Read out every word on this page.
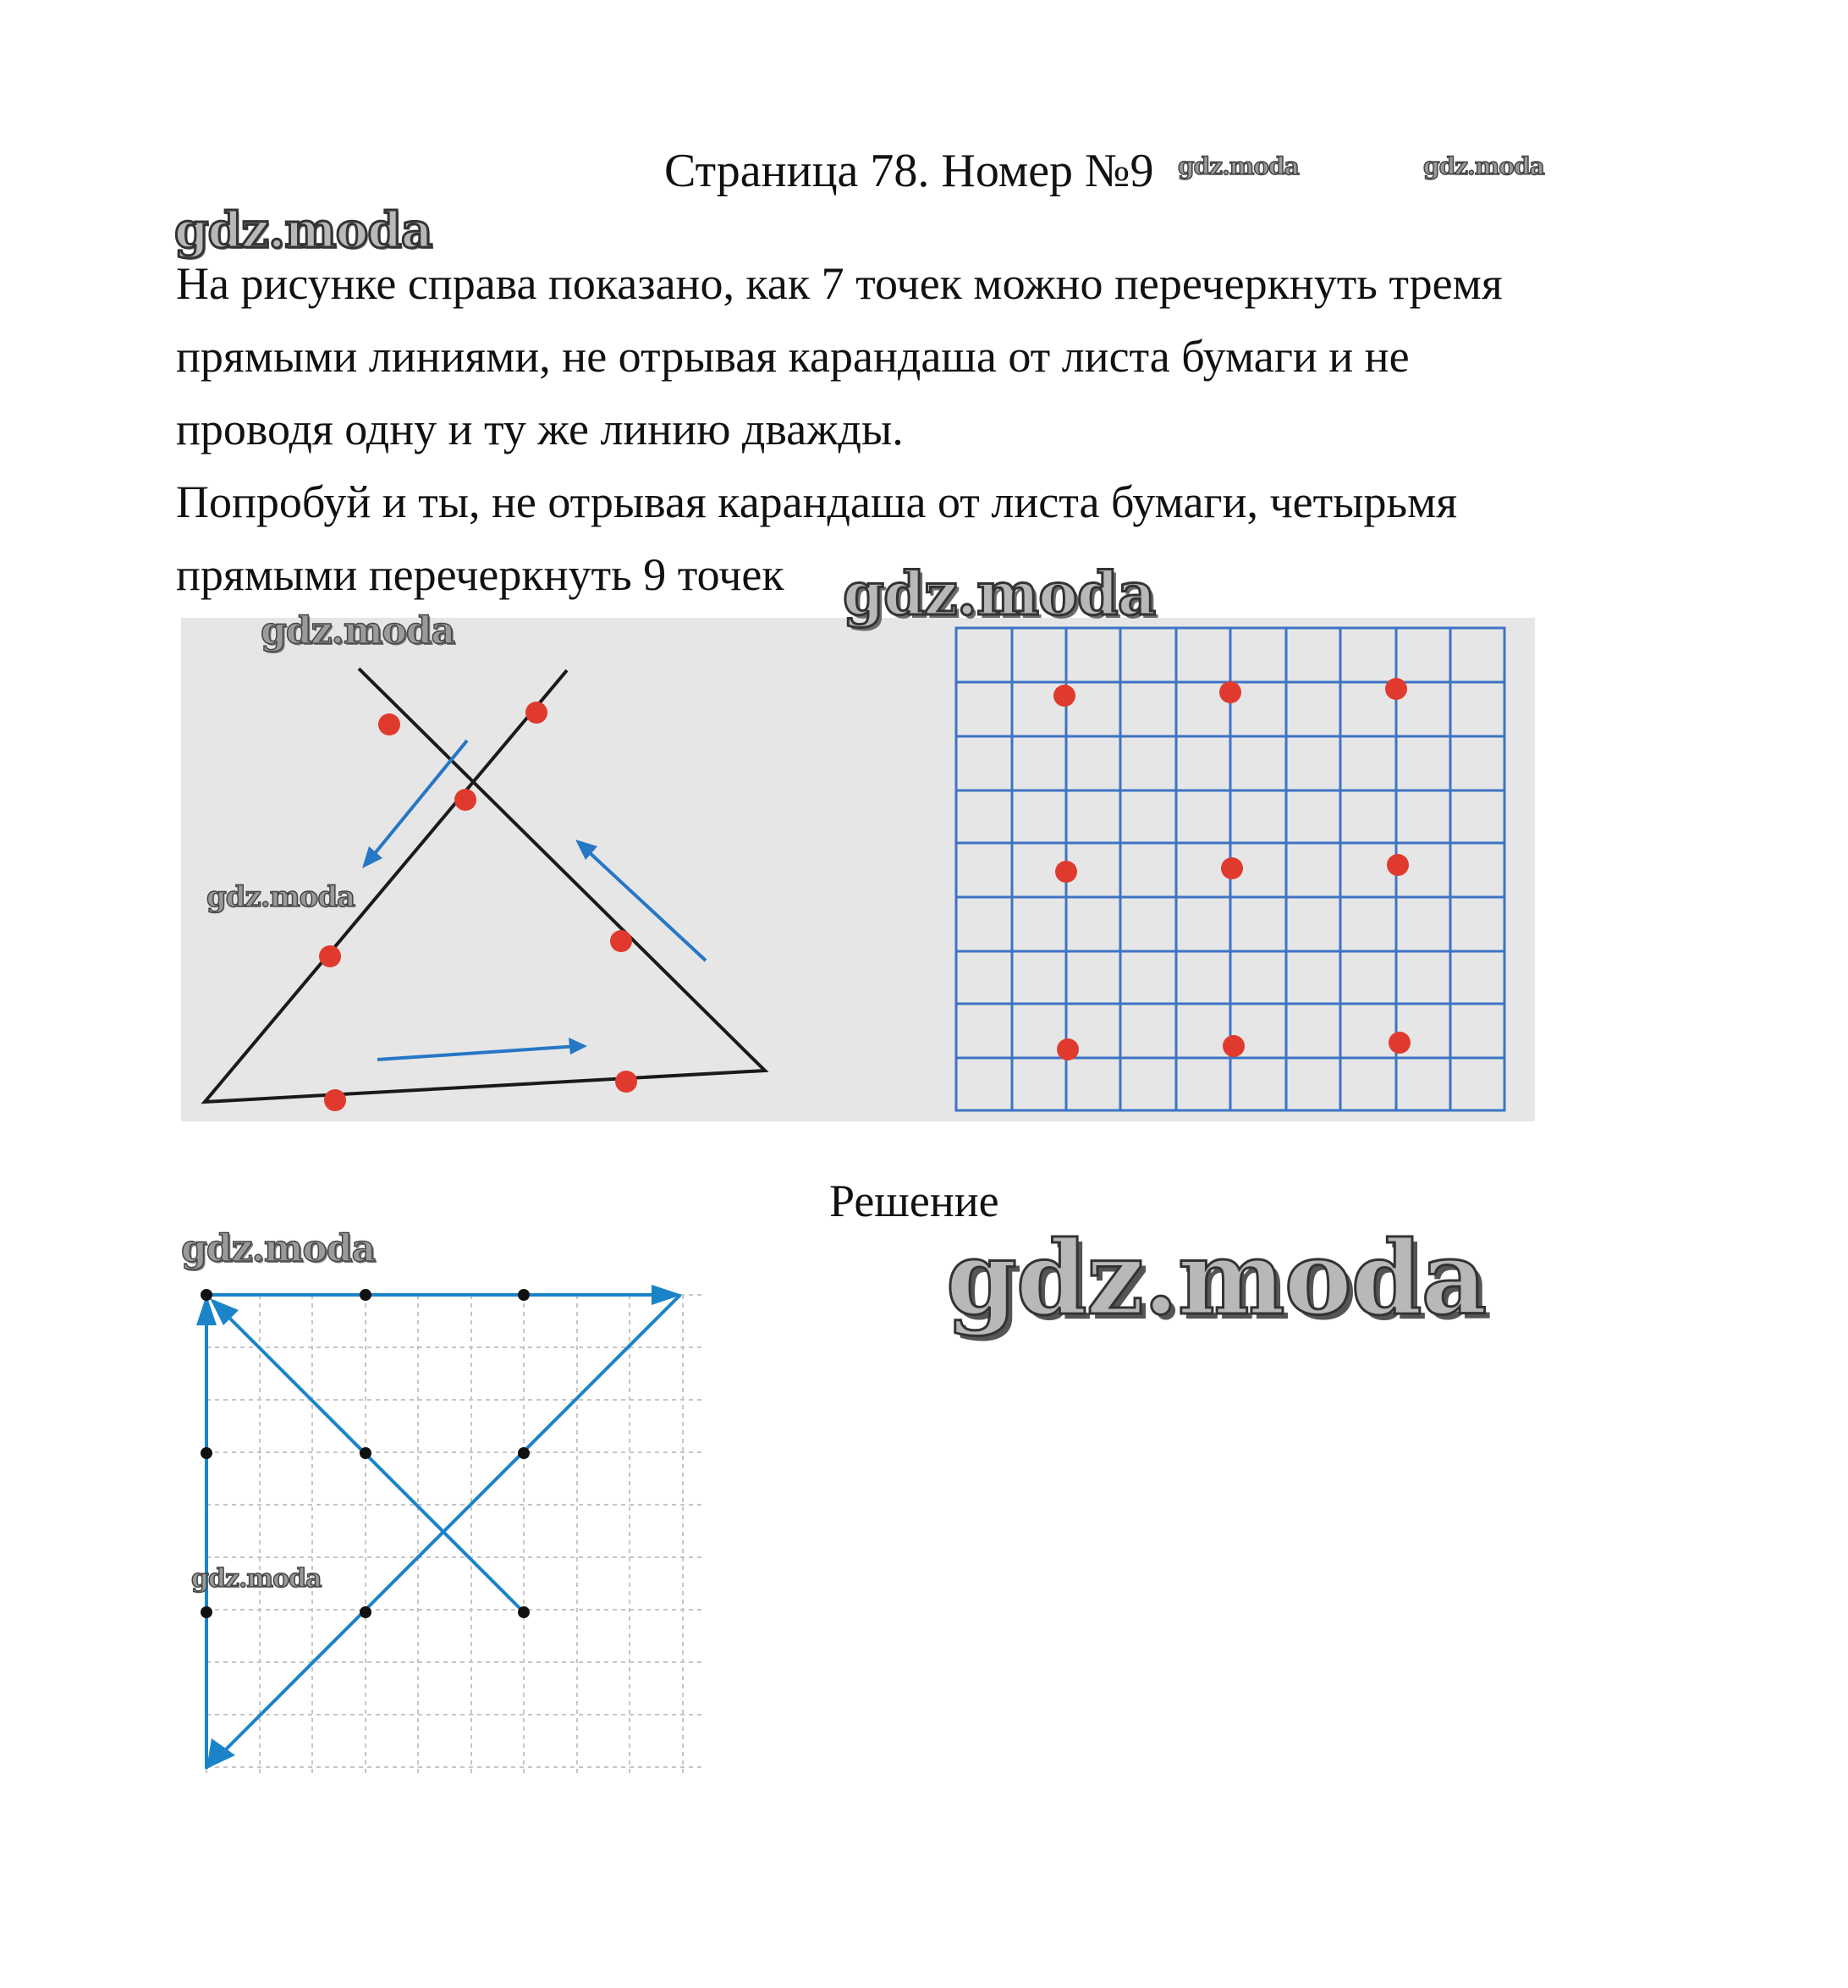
Страница 78. Номер №9
На рисунке справа показано, как 7 точек можно перечеркнуть тремя
прямыми линиями, не отрывая карандаша от листа бумаги и не
проводя одну и ту же линию дважды.
Попробуй и ты, не отрывая карандаша от листа бумаги, четырьмя
прямыми перечеркнуть 9 точек
Решение
gdz.moda	gdz.moda
gdz.moda
gdz.moda
gdz.moda
gdz.moda
gdz.moda	gdz.moda
gdz.moda
